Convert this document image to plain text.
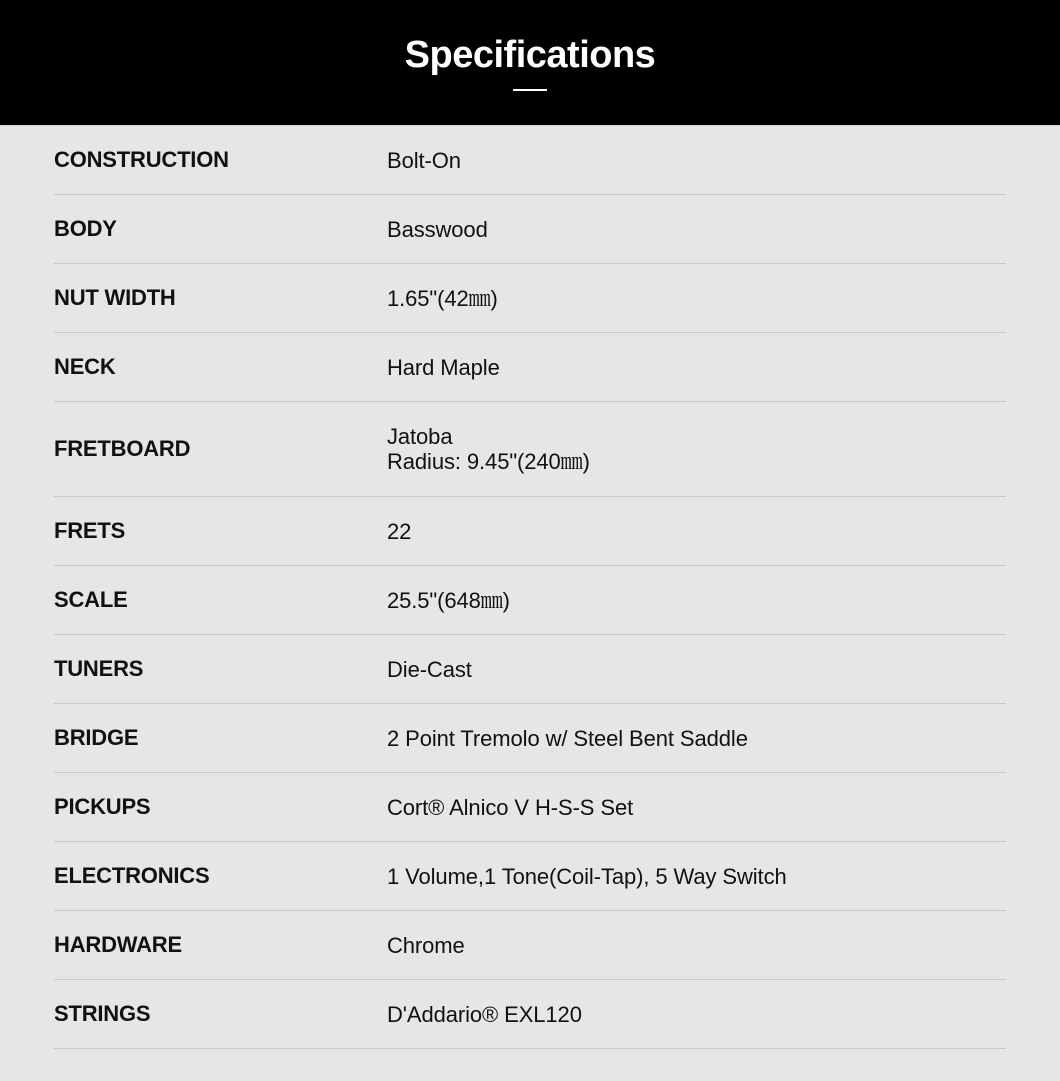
Specifications
CONSTRUCTION	Bolt-On
BODY	Basswood
NUT WIDTH	1.65"(42㎜)
NECK	Hard Maple
FRETBOARD	Jatoba
Radius: 9.45"(240㎜)
FRETS	22
SCALE	25.5"(648㎜)
TUNERS	Die-Cast
BRIDGE	2 Point Tremolo w/ Steel Bent Saddle
PICKUPS	Cort® Alnico V H-S-S Set
ELECTRONICS	1 Volume,1 Tone(Coil-Tap), 5 Way Switch
HARDWARE	Chrome
STRINGS	D'Addario® EXL120
